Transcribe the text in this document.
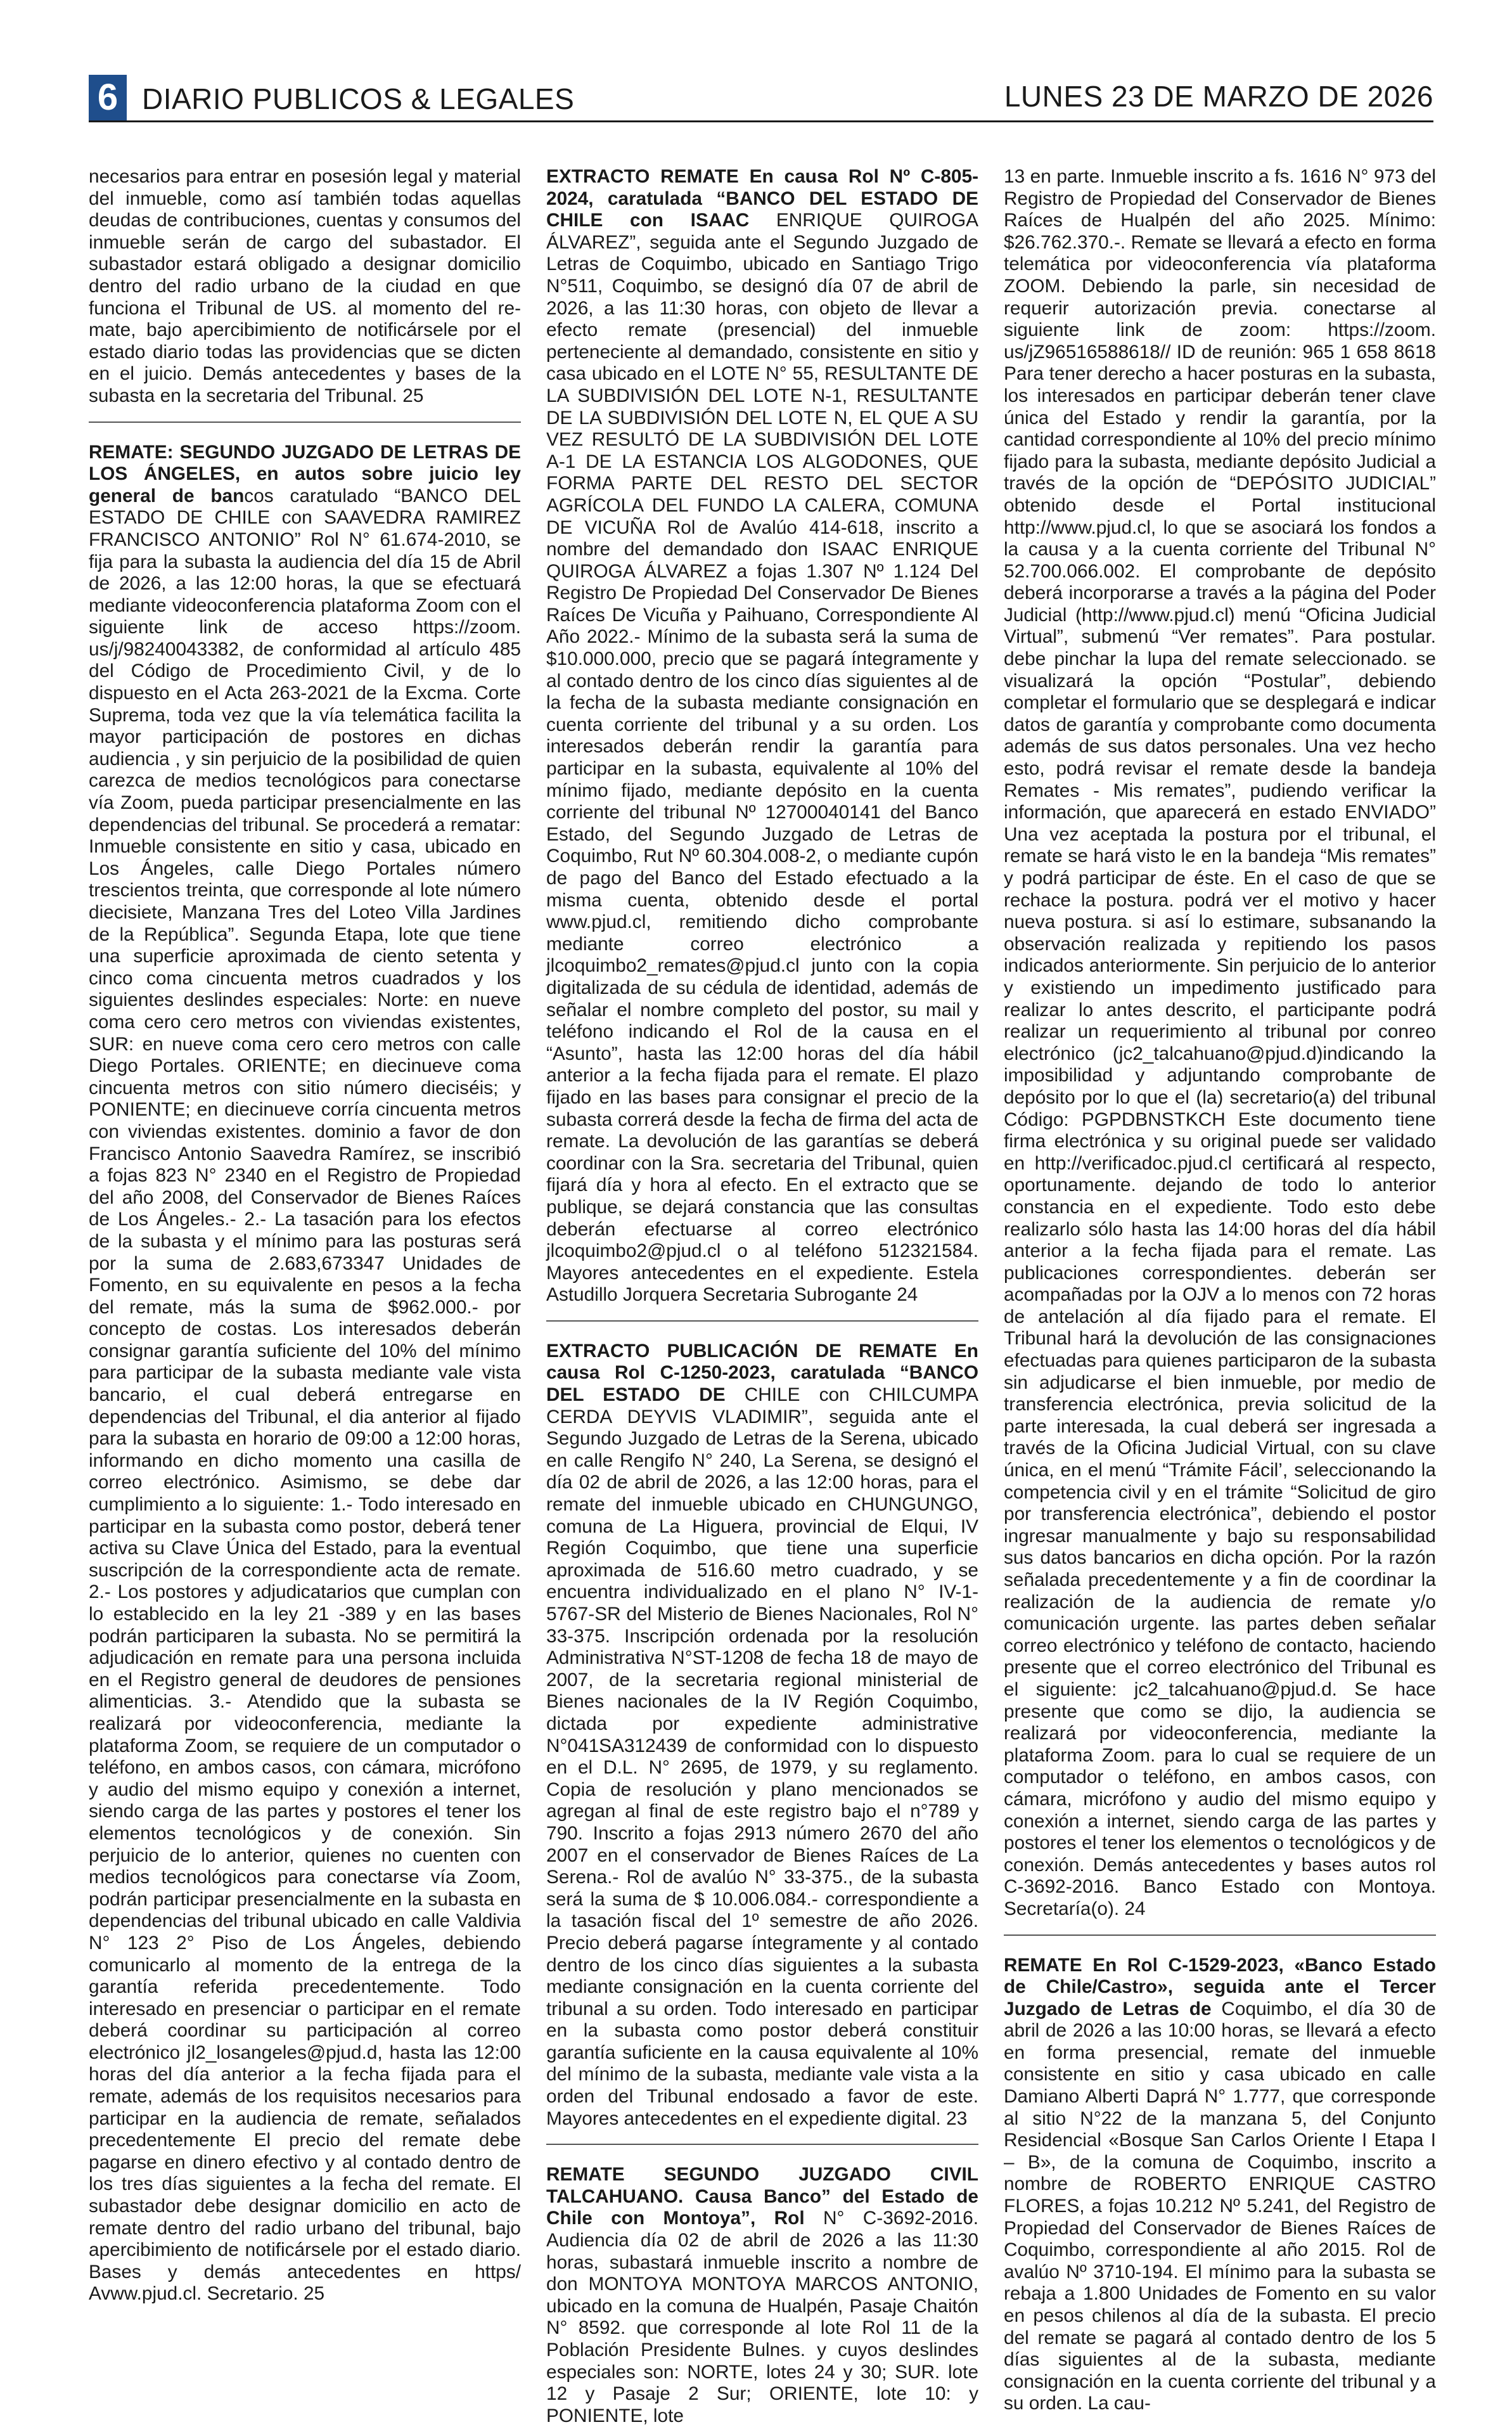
6 DIARIO PUBLICOS & LEGALES	LUNES 23 DE MARZO DE 2026

necesarios para entrar en posesión legal y material del inmueble, como así también todas aquellas deudas de contribuciones, cuentas y consumos del inmueble serán de cargo del subastador. El subastador estará obligado a designar domicilio dentro del radio urbano de la ciudad en que funciona el Tribunal de US. al momento del re-mate, bajo apercibimiento de notificársele por el estado diario todas las providencias que se dicten en el juicio. Demás antecedentes y bases de la subasta en la secretaria del Tribunal. 25

REMATE: SEGUNDO JUZGADO DE LETRAS DE LOS ÁNGELES, en autos sobre juicio ley general de bancos caratulado “BANCO DEL ESTADO DE CHILE con SAAVEDRA RAMIREZ FRANCISCO ANTONIO” Rol N° 61.674-2010, se fija para la subasta la audiencia del día 15 de Abril de 2026, a las 12:00 horas, la que se efectuará mediante videoconferencia plataforma Zoom con el siguiente link de acceso https://zoom. us/j/98240043382, de conformidad al artículo 485 del Código de Procedimiento Civil, y de lo dispuesto en el Acta 263-2021 de la Excma. Corte Suprema, toda vez que la vía telemática facilita la mayor participación de postores en dichas audiencia , y sin perjuicio de la posibilidad de quien carezca de medios tecnológicos para conectarse vía Zoom, pueda participar presencialmente en las dependencias del tribunal. Se procederá a rematar: Inmueble consistente en sitio y casa, ubicado en Los Ángeles, calle Diego Portales número trescientos treinta, que corresponde al lote número diecisiete, Manzana Tres del Loteo Villa Jardines de la República”. Segunda Etapa, lote que tiene una superficie aproximada de ciento setenta y cinco coma cincuenta metros cuadrados y los siguientes deslindes especiales: Norte: en nueve coma cero cero metros con viviendas existentes, SUR: en nueve coma cero cero metros con calle Diego Portales. ORIENTE; en diecinueve coma cincuenta metros con sitio número dieciséis; y PONIENTE; en diecinueve corría cincuenta metros con viviendas existentes. dominio a favor de don Francisco Antonio Saavedra Ramírez, se inscribió a fojas 823 N° 2340 en el Registro de Propiedad del año 2008, del Conservador de Bienes Raíces de Los Ángeles.- 2.- La tasación para los efectos de la subasta y el mínimo para las posturas será por la suma de 2.683,673347 Unidades de Fomento, en su equivalente en pesos a la fecha del remate, más la suma de $962.000.- por concepto de costas. Los interesados deberán consignar garantía suficiente del 10% del mínimo para participar de la subasta mediante vale vista bancario, el cual deberá entregarse en dependencias del Tribunal, el dia anterior al fijado para la subasta en horario de 09:00 a 12:00 horas, informando en dicho momento una casilla de correo electrónico. Asimismo, se debe dar cumplimiento a lo siguiente: 1.- Todo interesado en participar en la subasta como postor, deberá tener activa su Clave Única del Estado, para la eventual suscripción de la correspondiente acta de remate. 2.- Los postores y adjudicatarios que cumplan con lo establecido en la ley 21 -389 y en las bases podrán participaren la subasta. No se permitirá la adjudicación en remate para una persona incluida en el Registro general de deudores de pensiones alimenticias. 3.- Atendido que la subasta se realizará por videoconferencia, mediante la plataforma Zoom, se requiere de un computador o teléfono, en ambos casos, con cámara, micrófono y audio del mismo equipo y conexión a internet, siendo carga de las partes y postores el tener los elementos tecnológicos y de conexión. Sin perjuicio de lo anterior, quienes no cuenten con medios tecnológicos para conectarse vía Zoom, podrán participar presencialmente en la subasta en dependencias del tribunal ubicado en calle Valdivia N° 123 2° Piso de Los Ángeles, debiendo comunicarlo al momento de la entrega de la garantía referida precedentemente. Todo interesado en presenciar o participar en el remate deberá coordinar su participación al correo electrónico jl2_losangeles@pjud.d, hasta las 12:00 horas del día anterior a la fecha fijada para el remate, además de los requisitos necesarios para participar en la audiencia de remate, señalados precedentemente El precio del remate debe pagarse en dinero efectivo y al contado dentro de los tres días siguientes a la fecha del remate. El subastador debe designar domicilio en acto de remate dentro del radio urbano del tribunal, bajo apercibimiento de notificársele por el estado diario. Bases y demás antecedentes en https/ Avww.pjud.cl. Secretario. 25

EXTRACTO REMATE En causa Rol Nº C-805-2024, caratulada “BANCO DEL ESTADO DE CHILE con ISAAC ENRIQUE QUIROGA ÁLVAREZ”, seguida ante el Segundo Juzgado de Letras de Coquimbo, ubicado en Santiago Trigo N°511, Coquimbo, se designó día 07 de abril de 2026, a las 11:30 horas, con objeto de llevar a efecto remate (presencial) del inmueble perteneciente al demandado, consistente en sitio y casa ubicado en el LOTE N° 55, RESULTANTE DE LA SUBDIVISIÓN DEL LOTE N-1, RESULTANTE DE LA SUBDIVISIÓN DEL LOTE N, EL QUE A SU VEZ RESULTÓ DE LA SUBDIVISIÓN DEL LOTE A-1 DE LA ESTANCIA LOS ALGODONES, QUE FORMA PARTE DEL RESTO DEL SECTOR AGRÍCOLA DEL FUNDO LA CALERA, COMUNA DE VICUÑA Rol de Avalúo 414-618, inscrito a nombre del demandado don ISAAC ENRIQUE QUIROGA ÁLVAREZ a fojas 1.307 Nº 1.124 Del Registro De Propiedad Del Conservador De Bienes Raíces De Vicuña y Paihuano, Correspondiente Al Año 2022.- Mínimo de la subasta será la suma de $10.000.000, precio que se pagará íntegramente y al contado dentro de los cinco días siguientes al de la fecha de la subasta mediante consignación en cuenta corriente del tribunal y a su orden. Los interesados deberán rendir la garantía para participar en la subasta, equivalente al 10% del mínimo fijado, mediante depósito en la cuenta corriente del tribunal Nº 12700040141 del Banco Estado, del Segundo Juzgado de Letras de Coquimbo, Rut Nº 60.304.008-2, o mediante cupón de pago del Banco del Estado efectuado a la misma cuenta, obtenido desde el portal www.pjud.cl, remitiendo dicho comprobante mediante correo electrónico a jlcoquimbo2_remates@pjud.cl junto con la copia digitalizada de su cédula de identidad, además de señalar el nombre completo del postor, su mail y teléfono indicando el Rol de la causa en el “Asunto”, hasta las 12:00 horas del día hábil anterior a la fecha fijada para el remate. El plazo fijado en las bases para consignar el precio de la subasta correrá desde la fecha de firma del acta de remate. La devolución de las garantías se deberá coordinar con la Sra. secretaria del Tribunal, quien fijará día y hora al efecto. En el extracto que se publique, se dejará constancia que las consultas deberán efectuarse al correo electrónico jlcoquimbo2@pjud.cl o al teléfono 512321584. Mayores antecedentes en el expediente. Estela Astudillo Jorquera Secretaria Subrogante 24

EXTRACTO PUBLICACIÓN DE REMATE En causa Rol C-1250-2023, caratulada “BANCO DEL ESTADO DE CHILE con CHILCUMPA CERDA DEYVIS VLADIMIR”, seguida ante el Segundo Juzgado de Letras de la Serena, ubicado en calle Rengifo N° 240, La Serena, se designó el día 02 de abril de 2026, a las 12:00 horas, para el remate del inmueble ubicado en CHUNGUNGO, comuna de La Higuera, provincial de Elqui, IV Región Coquimbo, que tiene una superficie aproximada de 516.60 metro cuadrado, y se encuentra individualizado en el plano N° IV-1- 5767-SR del Misterio de Bienes Nacionales, Rol N° 33-375. Inscripción ordenada por la resolución Administrativa N°ST-1208 de fecha 18 de mayo de 2007, de la secretaria regional ministerial de Bienes nacionales de la IV Región Coquimbo, dictada por expediente administrative N°041SA312439 de conformidad con lo dispuesto en el D.L. N° 2695, de 1979, y su reglamento. Copia de resolución y plano mencionados se agregan al final de este registro bajo el n°789 y 790. Inscrito a fojas 2913 número 2670 del año 2007 en el conservador de Bienes Raíces de La Serena.- Rol de avalúo N° 33-375., de la subasta será la suma de $ 10.006.084.- correspondiente a la tasación fiscal del 1º semestre de año 2026. Precio deberá pagarse íntegramente y al contado dentro de los cinco días siguientes a la subasta mediante consignación en la cuenta corriente del tribunal a su orden. Todo interesado en participar en la subasta como postor deberá constituir garantía suficiente en la causa equivalente al 10% del mínimo de la subasta, mediante vale vista a la orden del Tribunal endosado a favor de este. Mayores antecedentes en el expediente digital. 23

REMATE SEGUNDO JUZGADO CIVIL TALCAHUANO. Causa Banco” del Estado de Chile con Montoya”, Rol N° C-3692-2016. Audiencia día 02 de abril de 2026 a las 11:30 horas, subastará inmueble inscrito a nombre de don MONTOYA MONTOYA MARCOS ANTONIO, ubicado en la comuna de Hualpén, Pasaje Chaitón N° 8592. que corresponde al lote Rol 11 de la Población Presidente Bulnes. y cuyos deslindes especiales son: NORTE, lotes 24 y 30; SUR. lote 12 y Pasaje 2 Sur; ORIENTE, lote 10: y PONIENTE, lote

13 en parte. Inmueble inscrito a fs. 1616 N° 973 del Registro de Propiedad del Conservador de Bienes Raíces de Hualpén del año 2025. Mínimo: $26.762.370.-. Remate se llevará a efecto en forma telemática por videoconferencia vía plataforma ZOOM. Debiendo la parle, sin necesidad de requerir autorización previa. conectarse al siguiente link de zoom: https://zoom. us/jZ96516588618// ID de reunión: 965 1 658 8618 Para tener derecho a hacer posturas en la subasta, los interesados en participar deberán tener clave única del Estado y rendir la garantía, por la cantidad correspondiente al 10% del precio mínimo fijado para la subasta, mediante depósito Judicial a través de la opción de “DEPÓSITO JUDICIAL” obtenido desde el Portal institucional http://www.pjud.cl, lo que se asociará los fondos a la causa y a la cuenta corriente del Tribunal N° 52.700.066.002. El comprobante de depósito deberá incorporarse a través a la página del Poder Judicial (http://www.pjud.cl) menú “Oficina Judicial Virtual”, submenú “Ver remates”. Para postular. debe pinchar la lupa del remate seleccionado. se visualizará la opción “Postular”, debiendo completar el formulario que se desplegará e indicar datos de garantía y comprobante como documenta además de sus datos personales. Una vez hecho esto, podrá revisar el remate desde la bandeja Remates - Mis remates”, pudiendo verificar la información, que aparecerá en estado ENVIADO” Una vez aceptada la postura por el tribunal, el remate se hará visto le en la bandeja “Mis remates” y podrá participar de éste. En el caso de que se rechace la postura. podrá ver el motivo y hacer nueva postura. si así lo estimare, subsanando la observación realizada y repitiendo los pasos indicados anteriormente. Sin perjuicio de lo anterior y existiendo un impedimento justificado para realizar lo antes descrito, el participante podrá realizar un requerimiento al tribunal por conreo electrónico (jc2_talcahuano@pjud.d)indicando la imposibilidad y adjuntando comprobante de depósito por lo que el (la) secretario(a) del tribunal Código: PGPDBNSTKCH Este documento tiene firma electrónica y su original puede ser validado en http://verificadoc.pjud.cl certificará al respecto, oportunamente. dejando de todo lo anterior constancia en el expediente. Todo esto debe realizarlo sólo hasta las 14:00 horas del día hábil anterior a la fecha fijada para el remate. Las publicaciones correspondientes. deberán ser acompañadas por la OJV a lo menos con 72 horas de antelación al día fijado para el remate. El Tribunal hará la devolución de las consignaciones efectuadas para quienes participaron de la subasta sin adjudicarse el bien inmueble, por medio de transferencia electrónica, previa solicitud de la parte interesada, la cual deberá ser ingresada a través de la Oficina Judicial Virtual, con su clave única, en el menú “Trámite Fácil’, seleccionando la competencia civil y en el trámite “Solicitud de giro por transferencia electrónica”, debiendo el postor ingresar manualmente y bajo su responsabilidad sus datos bancarios en dicha opción. Por la razón señalada precedentemente y a fin de coordinar la realización de la audiencia de remate y/o comunicación urgente. las partes deben señalar correo electrónico y teléfono de contacto, haciendo presente que el correo electrónico del Tribunal es el siguiente: jc2_talcahuano@pjud.d. Se hace presente que como se dijo, la audiencia se realizará por videoconferencia, mediante la plataforma Zoom. para lo cual se requiere de un computador o teléfono, en ambos casos, con cámara, micrófono y audio del mismo equipo y conexión a internet, siendo carga de las partes y postores el tener los elementos o tecnológicos y de conexión. Demás antecedentes y bases autos rol C-3692-2016. Banco Estado con Montoya. Secretaría(o). 24

REMATE En Rol C-1529-2023, «Banco Estado de Chile/Castro», seguida ante el Tercer Juzgado de Letras de Coquimbo, el día 30 de abril de 2026 a las 10:00 horas, se llevará a efecto en forma presencial, remate del inmueble consistente en sitio y casa ubicado en calle Damiano Alberti Daprá N° 1.777, que corresponde al sitio N°22 de la manzana 5, del Conjunto Residencial «Bosque San Carlos Oriente I Etapa I – B», de la comuna de Coquimbo, inscrito a nombre de ROBERTO ENRIQUE CASTRO FLORES, a fojas 10.212 Nº 5.241, del Registro de Propiedad del Conservador de Bienes Raíces de Coquimbo, correspondiente al año 2015. Rol de avalúo Nº 3710-194. El mínimo para la subasta se rebaja a 1.800 Unidades de Fomento en su valor en pesos chilenos al día de la subasta. El precio del remate se pagará al contado dentro de los 5 días siguientes al de la subasta, mediante consignación en la cuenta corriente del tribunal y a su orden. La cau-
